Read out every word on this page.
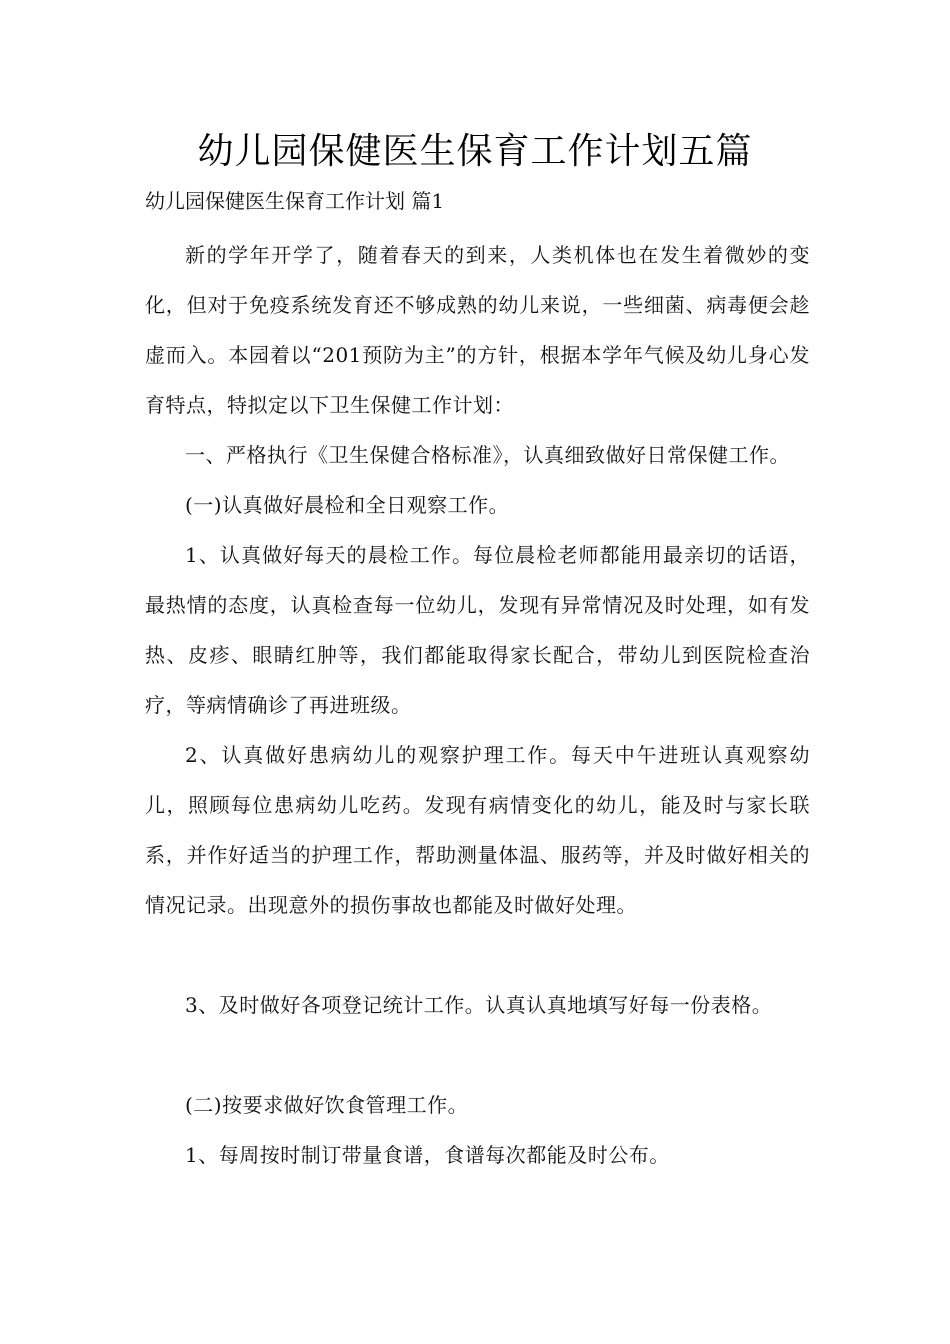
幼儿园保健医生保育工作计划五篇
幼儿园保健医生保育工作计划 篇1

新的学年开学了，随着春天的到来，人类机体也在发生着微妙的变化，但对于免疫系统发育还不够成熟的幼儿来说，一些细菌、病毒便会趁虚而入。本园着以“201预防为主”的方针，根据本学年气候及幼儿身心发育特点，特拟定以下卫生保健工作计划：

一、严格执行《卫生保健合格标准》，认真细致做好日常保健工作。

(一)认真做好晨检和全日观察工作。

1、认真做好每天的晨检工作。每位晨检老师都能用最亲切的话语，最热情的态度，认真检查每一位幼儿，发现有异常情况及时处理，如有发热、皮疹、眼睛红肿等，我们都能取得家长配合，带幼儿到医院检查治疗，等病情确诊了再进班级。

2、认真做好患病幼儿的观察护理工作。每天中午进班认真观察幼儿，照顾每位患病幼儿吃药。发现有病情变化的幼儿，能及时与家长联系，并作好适当的护理工作，帮助测量体温、服药等，并及时做好相关的情况记录。出现意外的损伤事故也都能及时做好处理。

3、及时做好各项登记统计工作。认真认真地填写好每一份表格。

(二)按要求做好饮食管理工作。

1、每周按时制订带量食谱，食谱每次都能及时公布。
